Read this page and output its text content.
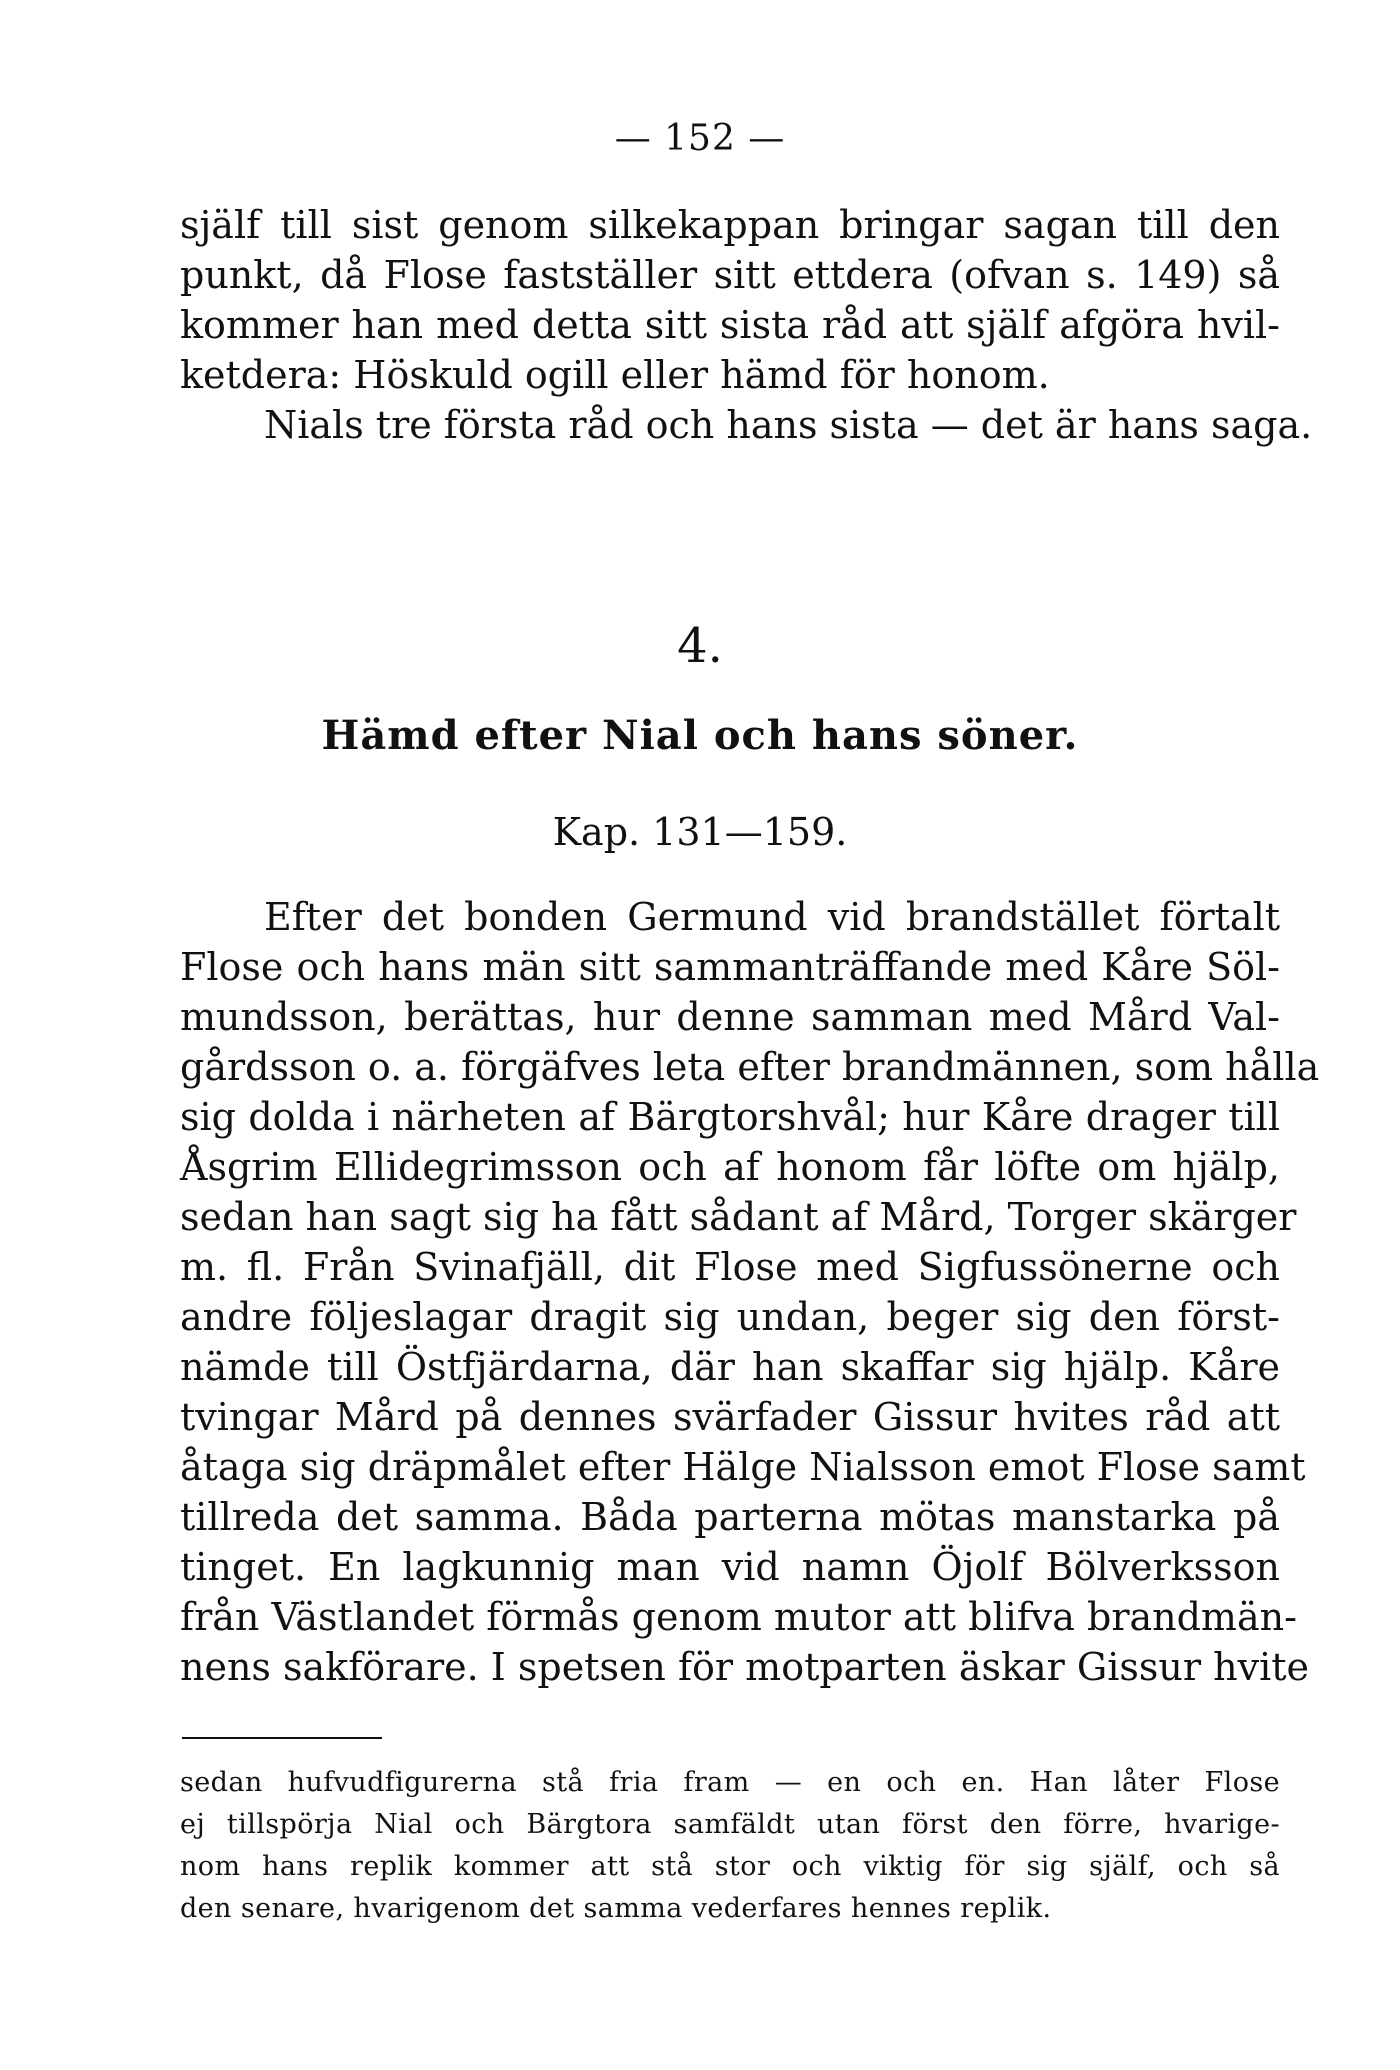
— 152 —
själf till sist genom silkekappan bringar sagan till den
punkt, då Flose fastställer sitt ettdera (ofvan s. 149) så
kommer han med detta sitt sista råd att själf afgöra hvil-
ketdera: Höskuld ogill eller hämd för honom.
Nials tre första råd och hans sista — det är hans saga.
4.
Hämd efter Nial och hans söner.
Kap. 131—159.
Efter det bonden Germund vid brandstället förtalt
Flose och hans män sitt sammanträffande med Kåre Söl-
mundsson, berättas, hur denne samman med Mård Val-
gårdsson o. a. förgäfves leta efter brandmännen, som hålla
sig dolda i närheten af Bärgtorshvål; hur Kåre drager till
Åsgrim Ellidegrimsson och af honom får löfte om hjälp,
sedan han sagt sig ha fått sådant af Mård, Torger skärger
m. fl. Från Svinafjäll, dit Flose med Sigfussönerne och
andre följeslagar dragit sig undan, beger sig den först-
nämde till Östfjärdarna, där han skaffar sig hjälp. Kåre
tvingar Mård på dennes svärfader Gissur hvites råd att
åtaga sig dräpmålet efter Hälge Nialsson emot Flose samt
tillreda det samma. Båda parterna mötas manstarka på
tinget. En lagkunnig man vid namn Öjolf Bölverksson
från Västlandet förmås genom mutor att blifva brandmän-
nens sakförare. I spetsen för motparten äskar Gissur hvite
sedan hufvudfigurerna stå fria fram — en och en. Han låter Flose
ej tillspörja Nial och Bärgtora samfäldt utan först den förre, hvarige-
nom hans replik kommer att stå stor och viktig för sig själf, och så
den senare, hvarigenom det samma vederfares hennes replik.
